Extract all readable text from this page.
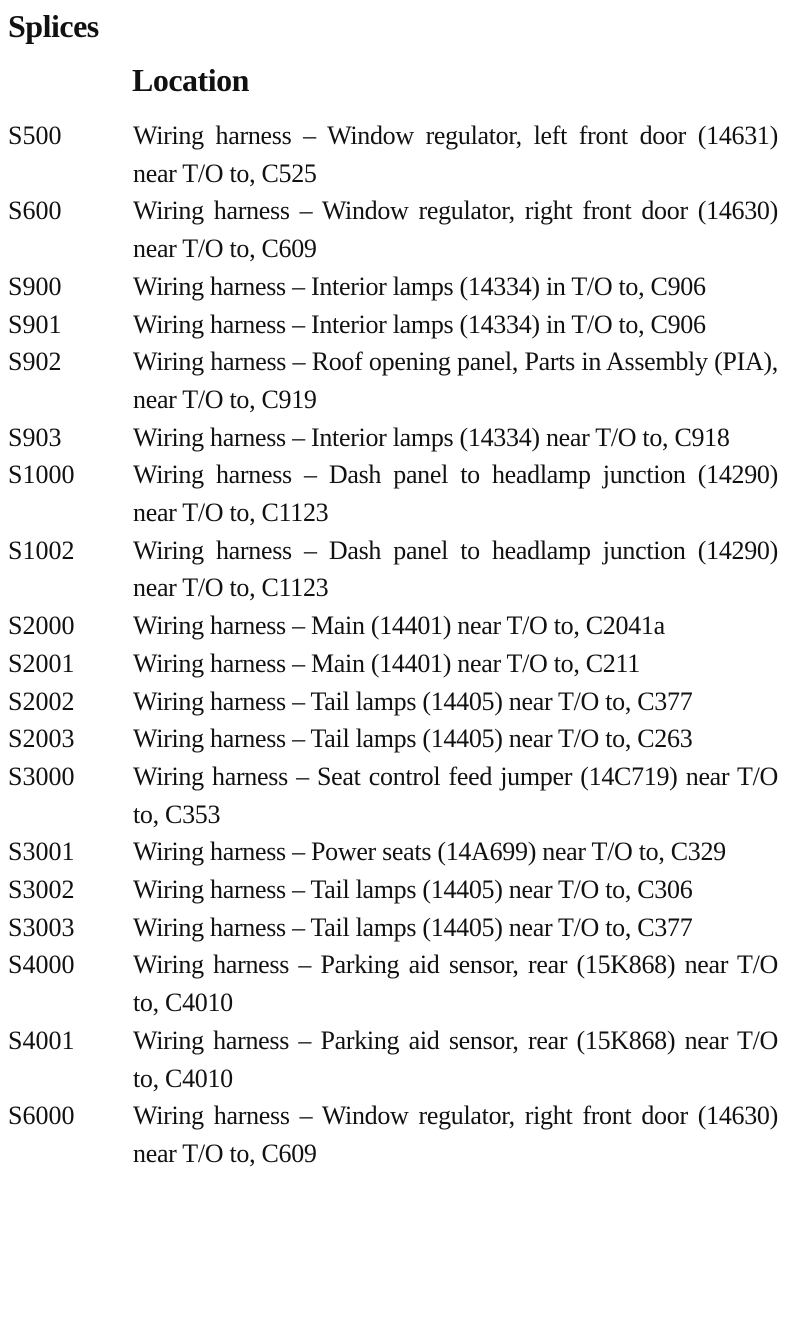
Splices
Location
S500	Wiring harness – Window regulator, left front door (14631) near T/O to, C525
S600	Wiring harness – Window regulator, right front door (14630) near T/O to, C609
S900	Wiring harness – Interior lamps (14334) in T/O to, C906
S901	Wiring harness – Interior lamps (14334) in T/O to, C906
S902	Wiring harness – Roof opening panel, Parts in Assembly (PIA), near T/O to, C919
S903	Wiring harness – Interior lamps (14334) near T/O to, C918
S1000 Wiring harness – Dash panel to headlamp junction (14290) near T/O to, C1123
S1002 Wiring harness – Dash panel to headlamp junction (14290) near T/O to, C1123
S2000 Wiring harness – Main (14401) near T/O to, C2041a
S2001 Wiring harness – Main (14401) near T/O to, C211
S2002 Wiring harness – Tail lamps (14405) near T/O to, C377
S2003 Wiring harness – Tail lamps (14405) near T/O to, C263
S3000 Wiring harness – Seat control feed jumper (14C719) near T/O to, C353
S3001 Wiring harness – Power seats (14A699) near T/O to, C329
S3002 Wiring harness – Tail lamps (14405) near T/O to, C306
S3003 Wiring harness – Tail lamps (14405) near T/O to, C377
S4000 Wiring harness – Parking aid sensor, rear (15K868) near T/O to, C4010
S4001 Wiring harness – Parking aid sensor, rear (15K868) near T/O to, C4010
S6000 Wiring harness – Window regulator, right front door (14630) near T/O to, C609
